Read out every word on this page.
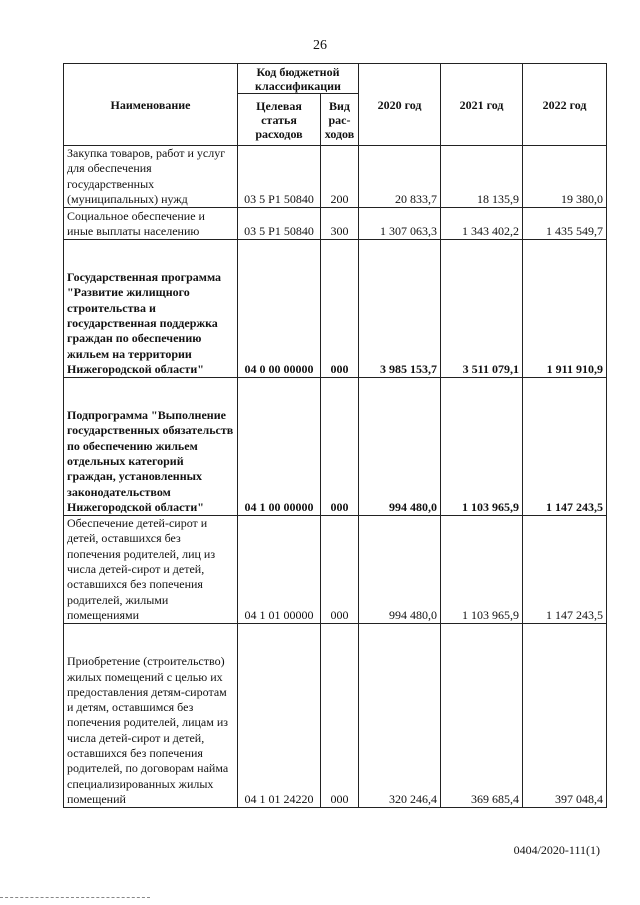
26
Наименование	Код бюджетной классификации		2020 год	2021 год	2022 год
	Целевая статья расходов	Вид рас- ходов			
Закупка товаров, работ и услуг для обеспечения государственных (муниципальных) нужд	03 5 P1 50840	200	20 833,7	18 135,9	19 380,0
Социальное обеспечение и иные выплаты населению	03 5 P1 50840	300	1 307 063,3	1 343 402,2	1 435 549,7
Государственная программа "Развитие жилищного строительства и государственная поддержка граждан по обеспечению жильем на территории Нижегородской области"	04 0 00 00000	000	3 985 153,7	3 511 079,1	1 911 910,9
Подпрограмма "Выполнение государственных обязательств по обеспечению жильем отдельных категорий граждан, установленных законодательством Нижегородской области"	04 1 00 00000	000	994 480,0	1 103 965,9	1 147 243,5
Обеспечение детей-сирот и детей, оставшихся без попечения родителей, лиц из числа детей-сирот и детей, оставшихся без попечения родителей, жилыми помещениями	04 1 01 00000	000	994 480,0	1 103 965,9	1 147 243,5
Приобретение (строительство) жилых помещений с целью их предоставления детям-сиротам и детям, оставшимся без попечения родителей, лицам из числа детей-сирот и детей, оставшихся без попечения родителей, по договорам найма специализированных жилых помещений	04 1 01 24220	000	320 246,4	369 685,4	397 048,4
0404/2020-111(1)
